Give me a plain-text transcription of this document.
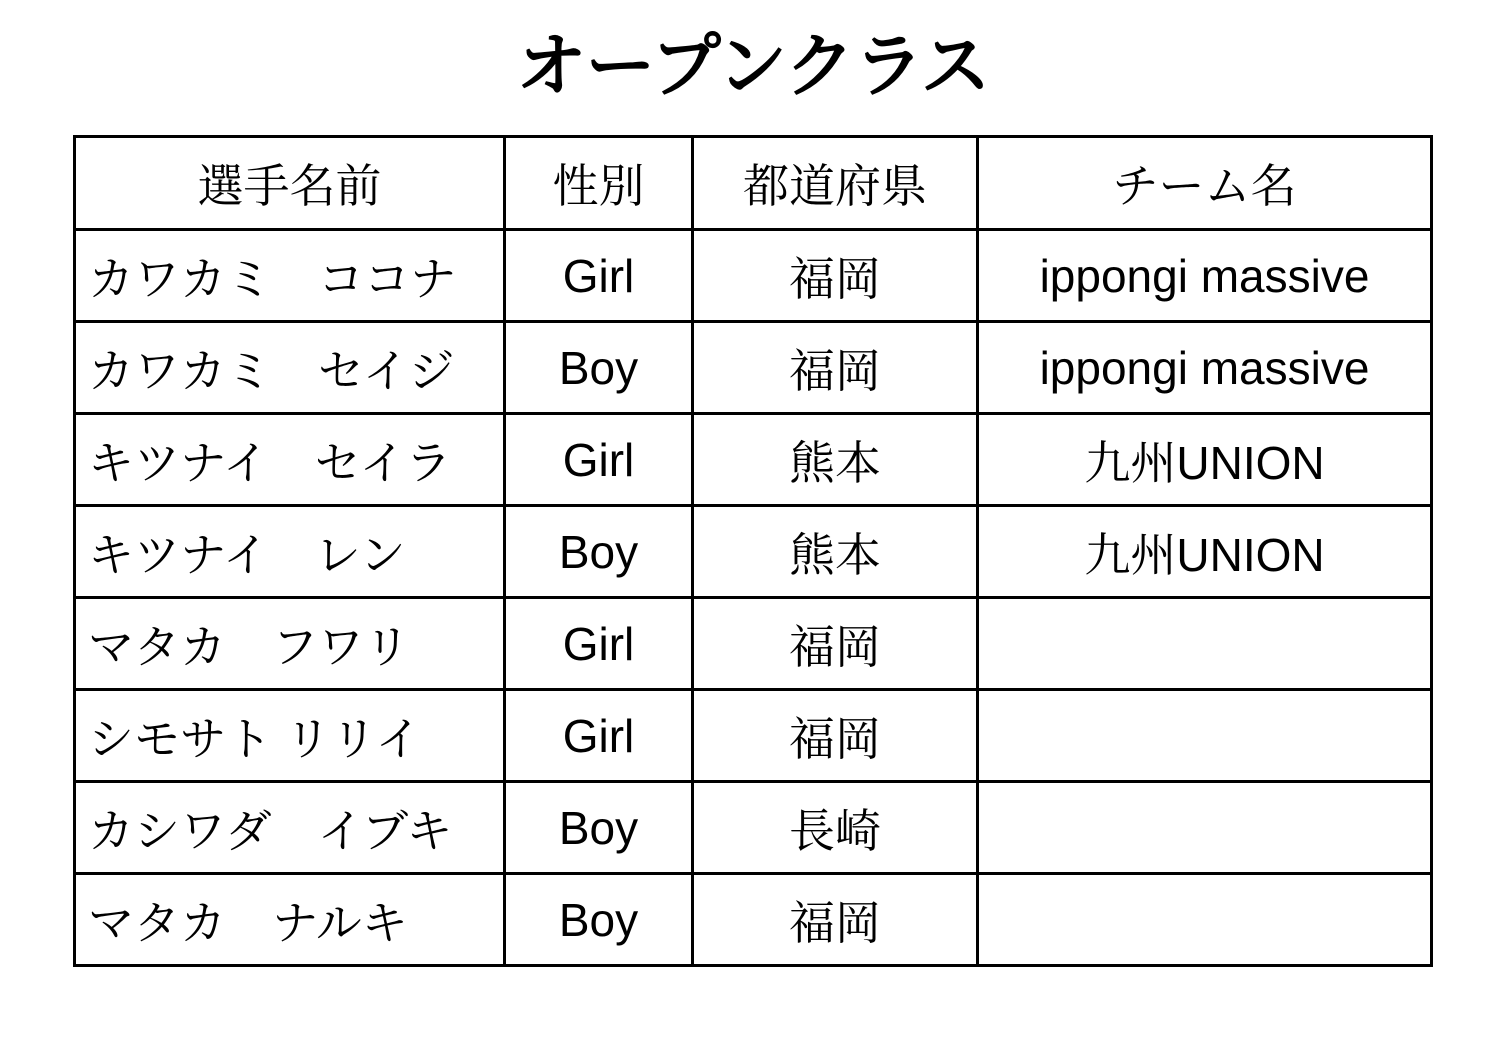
オープンクラス
選手名前	性別	都道府県	チーム名
カワカミ　ココナ	Girl	福岡	ippongi massive
カワカミ　セイジ	Boy	福岡	ippongi massive
キツナイ　セイラ	Girl	熊本	九州UNION
キツナイ　レン	Boy	熊本	九州UNION
マタカ　フワリ	Girl	福岡	
シモサト リリイ	Girl	福岡	
カシワダ　イブキ	Boy	長崎	
マタカ　ナルキ	Boy	福岡	
